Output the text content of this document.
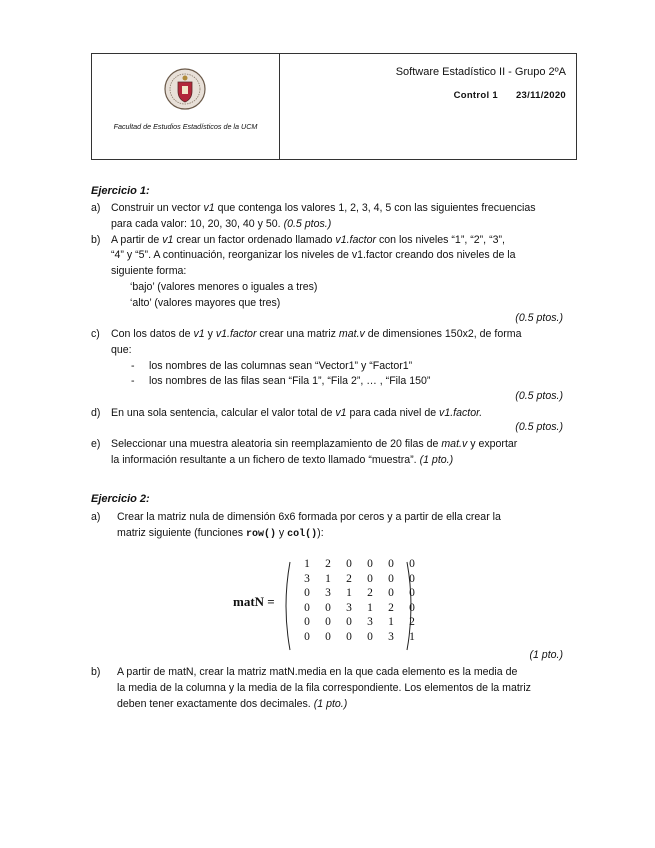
Facultad de Estudios Estadísticos de la UCM
Software Estadístico II - Grupo 2ºA
Control 1 23/11/2020
Ejercicio 1:
a) Construir un vector v1 que contenga los valores 1, 2, 3, 4, 5 con las siguientes frecuencias
para cada valor: 10, 20, 30, 40 y 50. (0.5 ptos.)
b) A partir de v1 crear un factor ordenado llamado v1.factor con los niveles “1”, “2”, “3”,
“4” y “5”. A continuación, reorganizar los niveles de v1.factor creando dos niveles de la
siguiente forma:
‘bajo’ (valores menores o iguales a tres)
‘alto’ (valores mayores que tres)
(0.5 ptos.)
c) Con los datos de v1 y v1.factor crear una matriz mat.v de dimensiones 150x2, de forma
que:
- los nombres de las columnas sean “Vector1” y “Factor1”
- los nombres de las filas sean “Fila 1”, “Fila 2”, … , “Fila 150”
(0.5 ptos.)
d) En una sola sentencia, calcular el valor total de v1 para cada nivel de v1.factor.
(0.5 ptos.)
e) Seleccionar una muestra aleatoria sin reemplazamiento de 20 filas de mat.v y exportar
la información resultante a un fichero de texto llamado “muestra”. (1 pto.)
Ejercicio 2:
a) Crear la matriz nula de dimensión 6x6 formada por ceros y a partir de ella crear la
matriz siguiente (funciones row() y col()):
matN =
1	2	0	0	0	0
3	1	2	0	0	0
0	3	1	2	0	0
0	0	3	1	2	0
0	0	0	3	1	2
0	0	0	0	3	1
(1 pto.)
b) A partir de matN, crear la matriz matN.media en la que cada elemento es la media de
la media de la columna y la media de la fila correspondiente. Los elementos de la matriz
deben tener exactamente dos decimales. (1 pto.)
